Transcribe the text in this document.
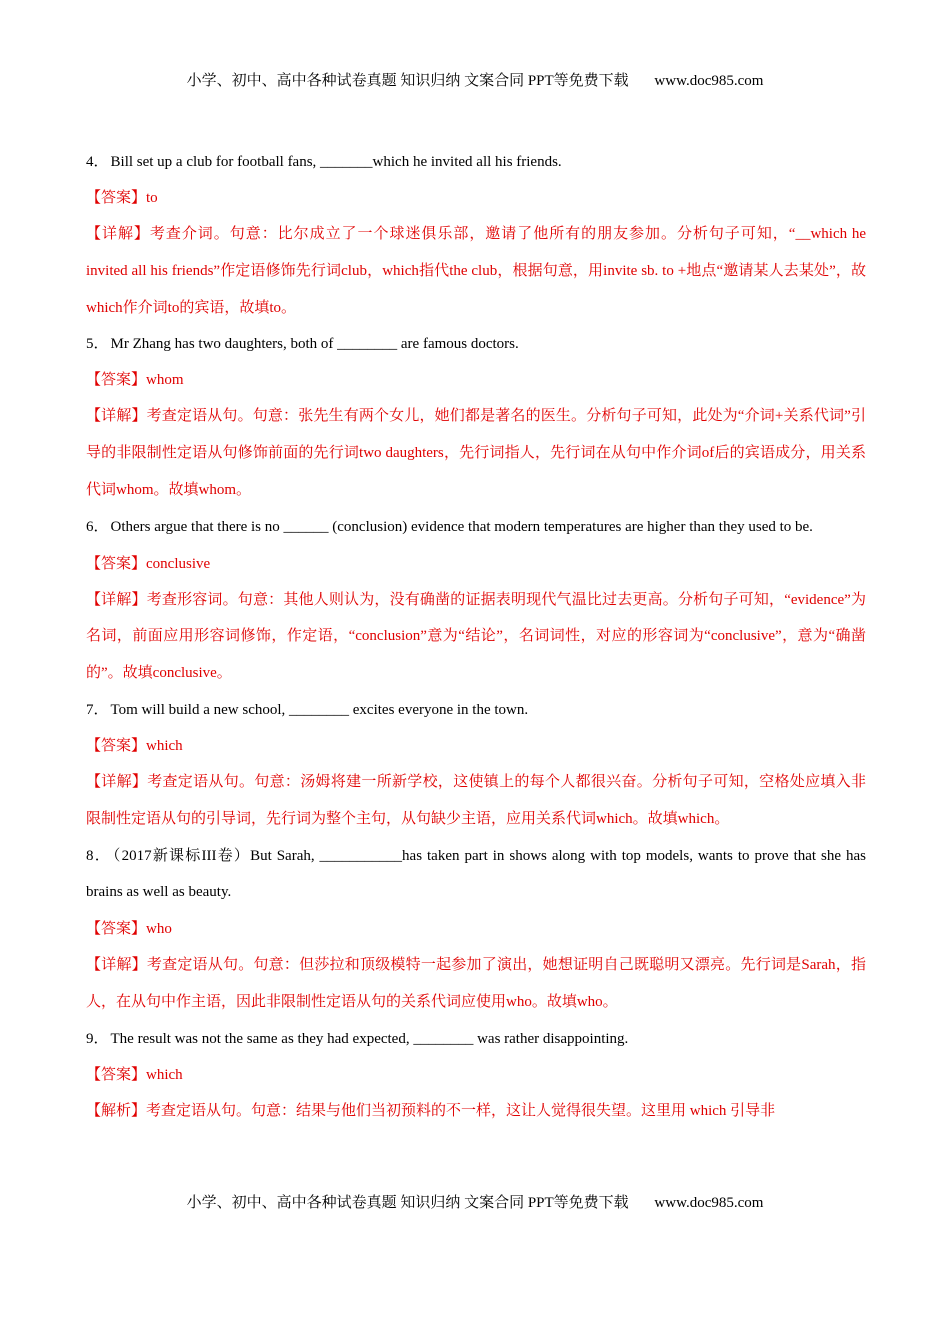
小学、初中、高中各种试卷真题 知识归纳 文案合同 PPT等免费下载 www.doc985.com
4． Bill set up a club for football fans, _______which he invited all his friends.
【答案】to
【详解】考查介词。句意：比尔成立了一个球迷俱乐部，邀请了他所有的朋友参加。分析句子可知，“__which he invited all his friends”作定语修饰先行词club，which指代the club，根据句意，用invite sb. to +地点“邀请某人去某处”，故which作介词to的宾语，故填to。
5． Mr Zhang has two daughters, both of ________ are famous doctors.
【答案】whom
【详解】考查定语从句。句意：张先生有两个女儿，她们都是著名的医生。分析句子可知，此处为“介词+关系代词”引导的非限制性定语从句修饰前面的先行词two daughters，先行词指人，先行词在从句中作介词of后的宾语成分，用关系代词whom。故填whom。
6． Others argue that there is no ______ (conclusion) evidence that modern temperatures are higher than they used to be.
【答案】conclusive
【详解】考查形容词。句意：其他人则认为，没有确凿的证据表明现代气温比过去更高。分析句子可知，“evidence”为名词，前面应用形容词修饰，作定语，“conclusion”意为“结论”，名词词性，对应的形容词为“conclusive”，意为“确凿的”。故填conclusive。
7． Tom will build a new school, ________ excites everyone in the town.
【答案】which
【详解】考查定语从句。句意：汤姆将建一所新学校，这使镇上的每个人都很兴奋。分析句子可知，空格处应填入非限制性定语从句的引导词，先行词为整个主句，从句缺少主语，应用关系代词which。故填which。
8． （2017新课标III卷）But Sarah, ___________has taken part in shows along with top models, wants to prove that she has brains as well as beauty.
【答案】who
【详解】考查定语从句。句意：但莎拉和顶级模特一起参加了演出，她想证明自己既聪明又漂亮。先行词是Sarah，指人，在从句中作主语，因此非限制性定语从句的关系代词应使用who。故填who。
9． The result was not the same as they had expected, ________ was rather disappointing.
【答案】which
【解析】考查定语从句。句意：结果与他们当初预料的不一样，这让人觉得很失望。这里用 which 引导非
小学、初中、高中各种试卷真题 知识归纳 文案合同 PPT等免费下载 www.doc985.com
